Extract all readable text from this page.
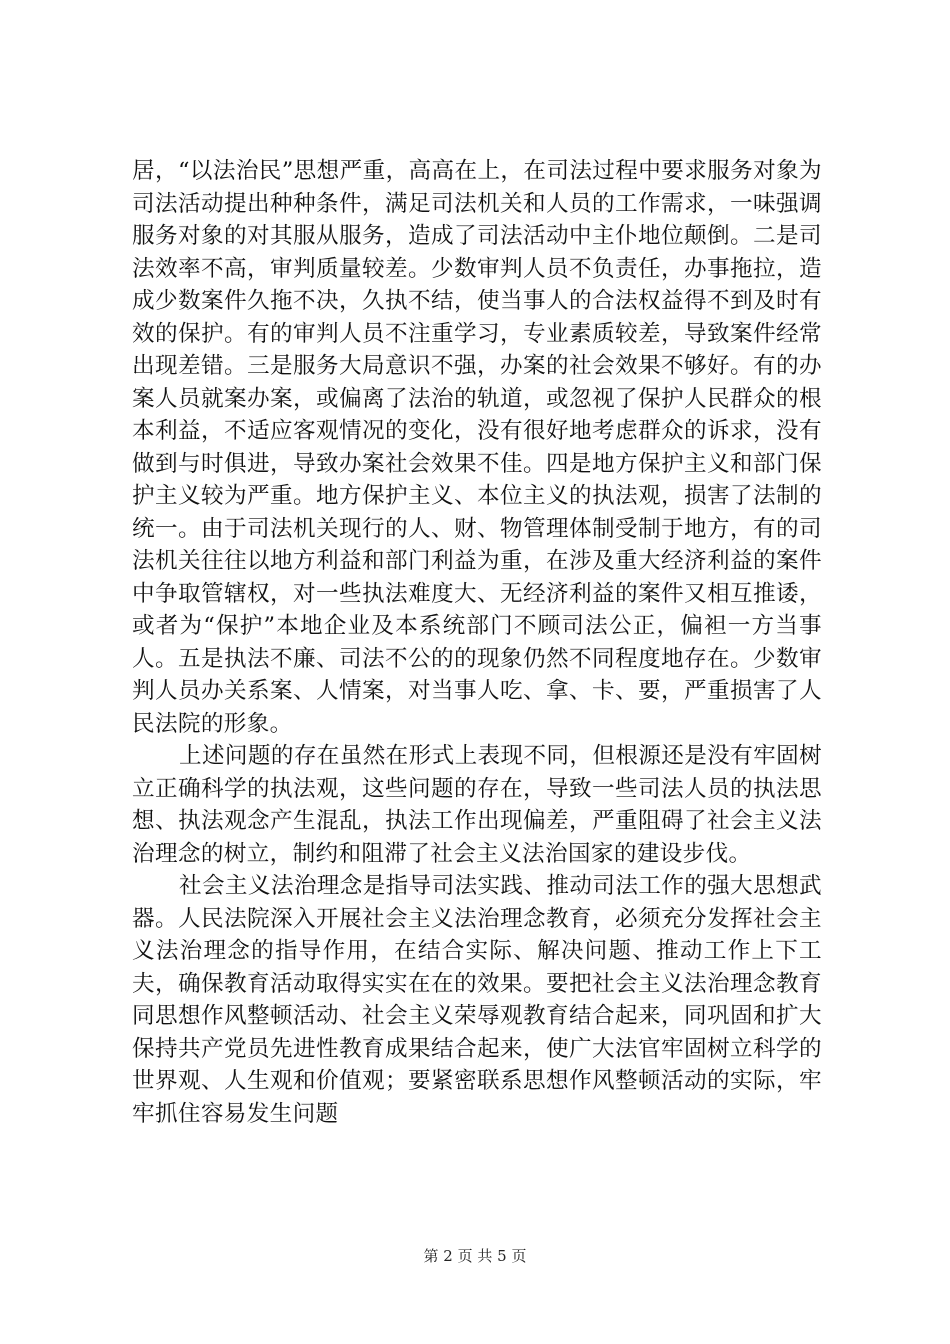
居，“以法治民”思想严重，高高在上，在司法过程中要求服务对象为司法活动提出种种条件，满足司法机关和人员的工作需求，一味强调服务对象的对其服从服务，造成了司法活动中主仆地位颠倒。二是司法效率不高，审判质量较差。少数审判人员不负责任，办事拖拉，造成少数案件久拖不决，久执不结，使当事人的合法权益得不到及时有效的保护。有的审判人员不注重学习，专业素质较差，导致案件经常出现差错。三是服务大局意识不强，办案的社会效果不够好。有的办案人员就案办案，或偏离了法治的轨道，或忽视了保护人民群众的根本利益，不适应客观情况的变化，没有很好地考虑群众的诉求，没有做到与时俱进，导致办案社会效果不佳。四是地方保护主义和部门保护主义较为严重。地方保护主义、本位主义的执法观，损害了法制的统一。由于司法机关现行的人、财、物管理体制受制于地方，有的司法机关往往以地方利益和部门利益为重，在涉及重大经济利益的案件中争取管辖权，对一些执法难度大、无经济利益的案件又相互推诿，或者为“保护”本地企业及本系统部门不顾司法公正，偏袒一方当事人。五是执法不廉、司法不公的的现象仍然不同程度地存在。少数审判人员办关系案、人情案，对当事人吃、拿、卡、要，严重损害了人民法院的形象。

上述问题的存在虽然在形式上表现不同，但根源还是没有牢固树立正确科学的执法观，这些问题的存在，导致一些司法人员的执法思想、执法观念产生混乱，执法工作出现偏差，严重阻碍了社会主义法治理念的树立，制约和阻滞了社会主义法治国家的建设步伐。

社会主义法治理念是指导司法实践、推动司法工作的强大思想武器。人民法院深入开展社会主义法治理念教育，必须充分发挥社会主义法治理念的指导作用，在结合实际、解决问题、推动工作上下工夫，确保教育活动取得实实在在的效果。要把社会主义法治理念教育同思想作风整顿活动、社会主义荣辱观教育结合起来，同巩固和扩大保持共产党员先进性教育成果结合起来，使广大法官牢固树立科学的世界观、人生观和价值观；要紧密联系思想作风整顿活动的实际，牢牢抓住容易发生问题

第 2 页 共 5 页
